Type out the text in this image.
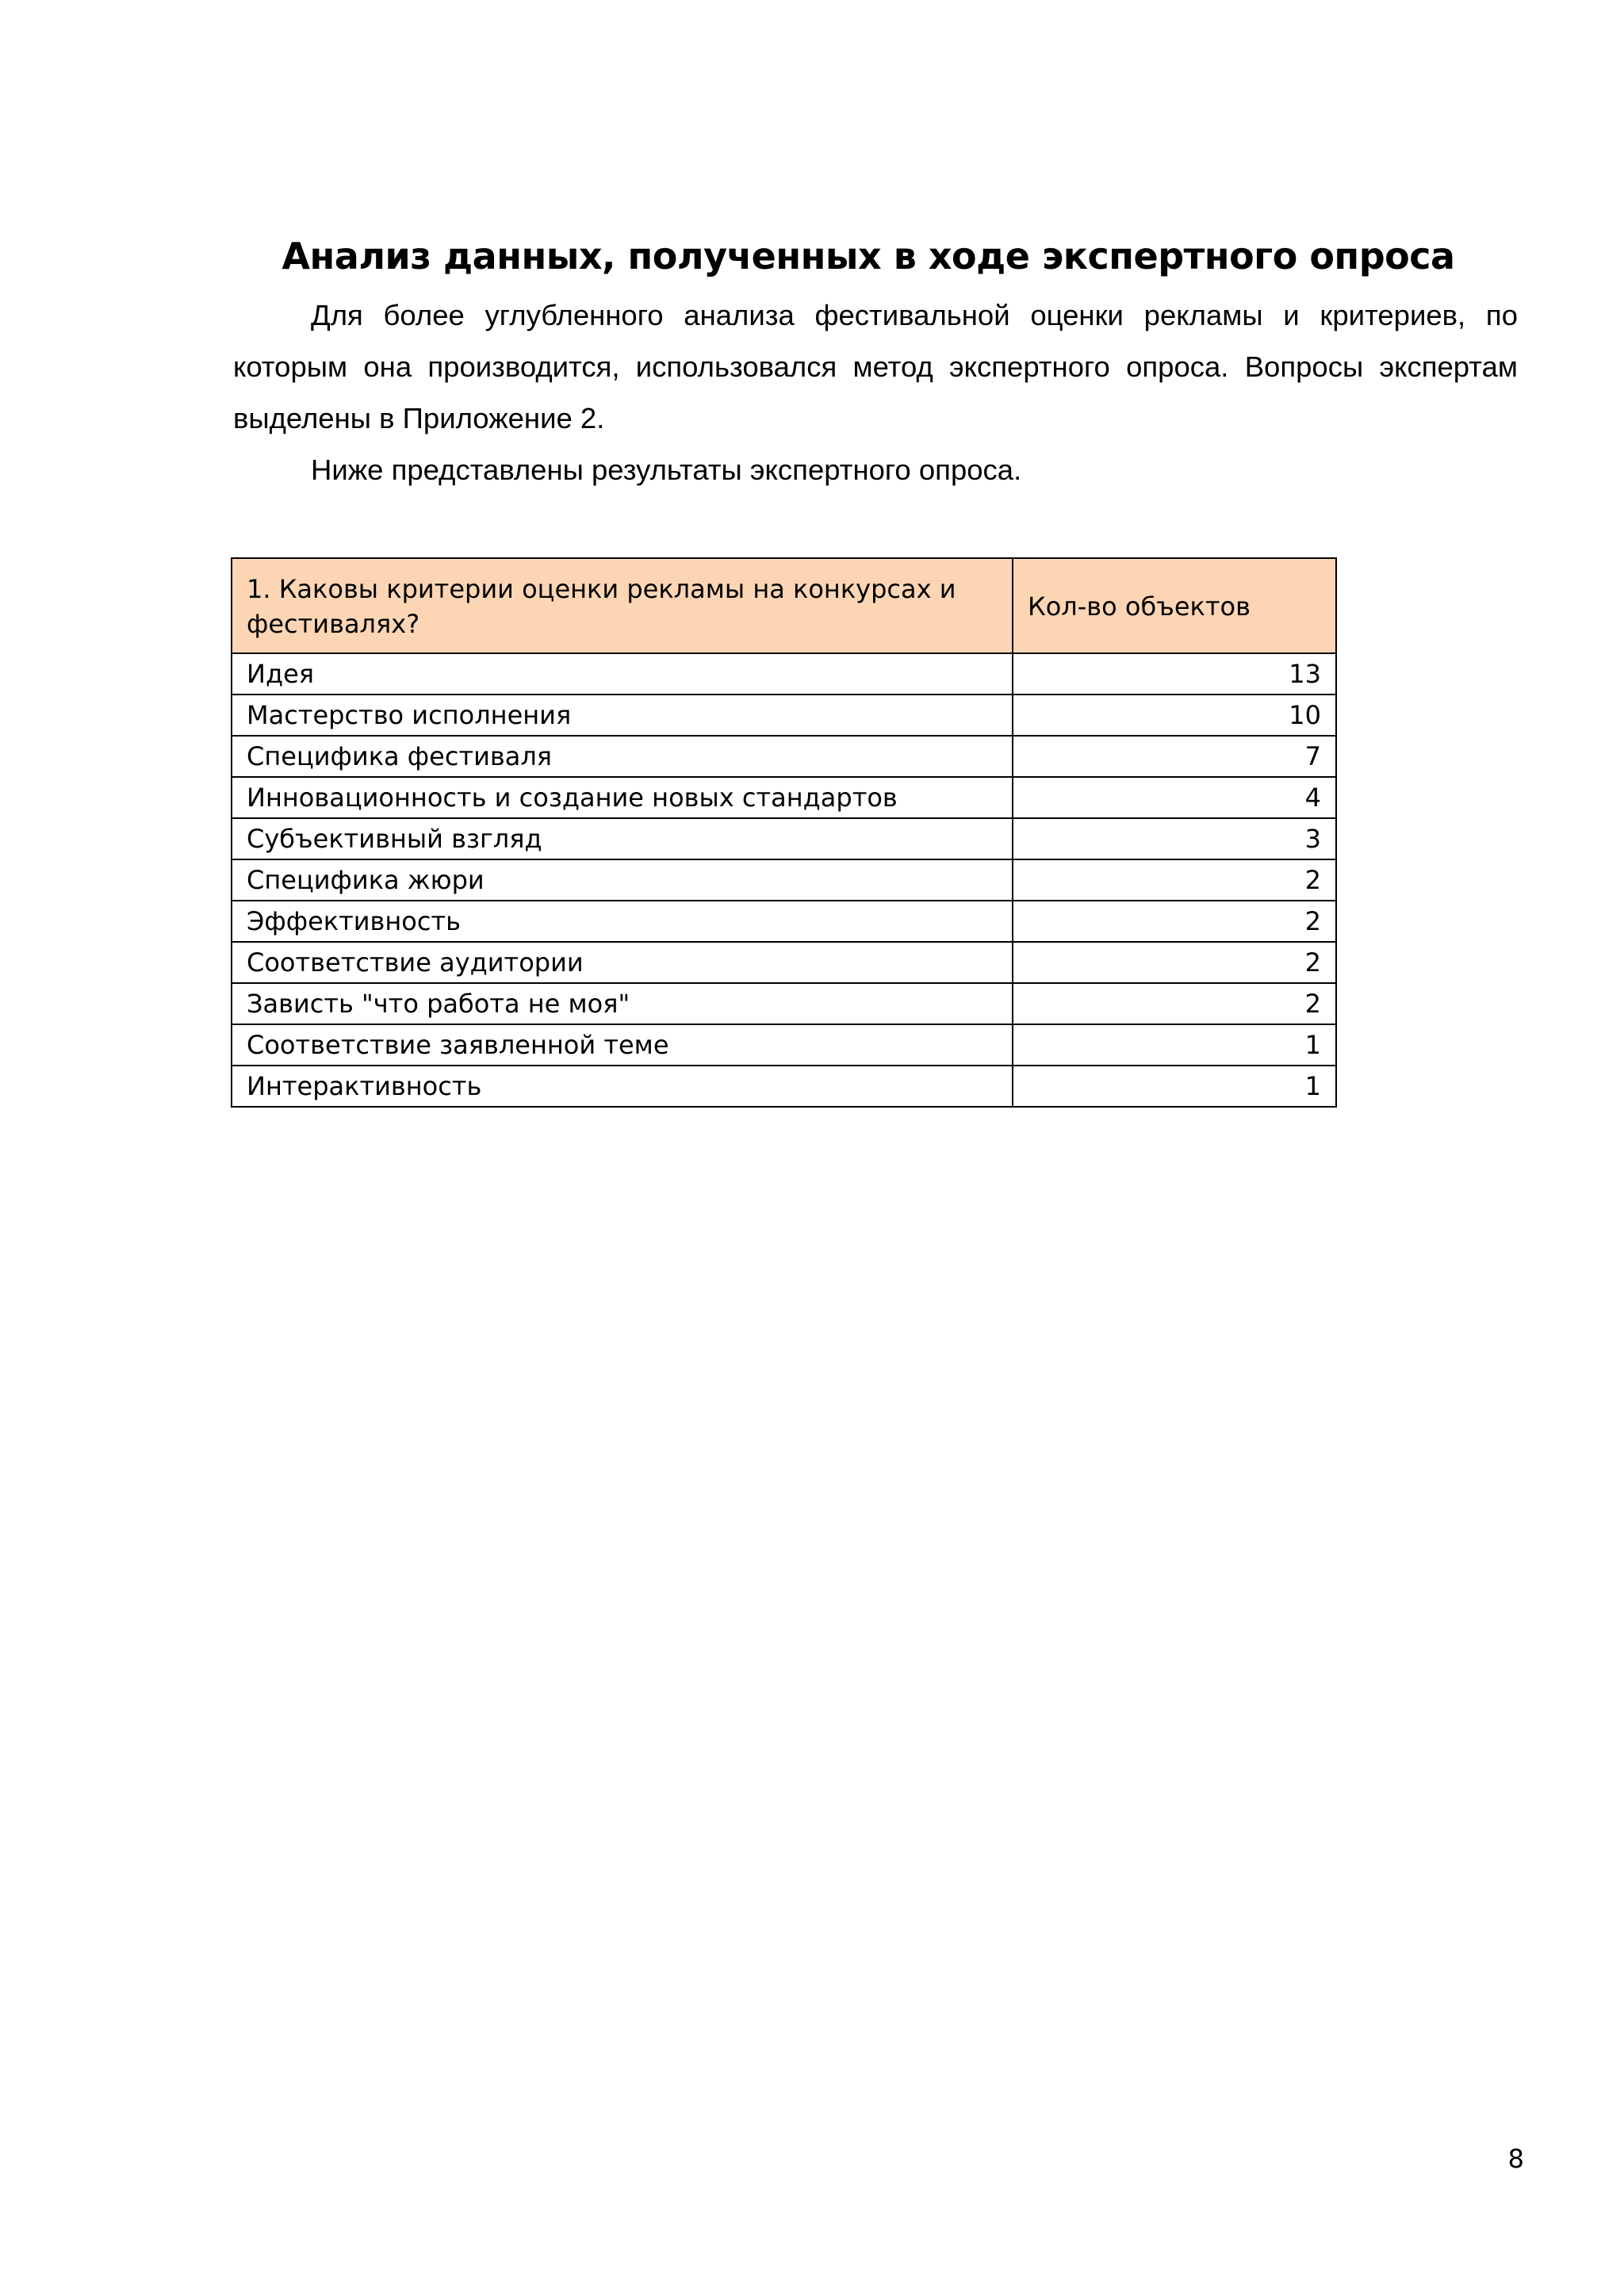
Анализ данных, полученных в ходе экспертного опроса

Для более углубленного анализа фестивальной оценки рекламы и критериев, по которым она производится, использовался метод экспертного опроса. Вопросы экспертам выделены в Приложение 2.

Ниже представлены результаты экспертного опроса.

1. Каковы критерии оценки рекламы на конкурсах и фестивалях?	Кол-во объектов
Идея	13
Мастерство исполнения	10
Специфика фестиваля	7
Инновационность и создание новых стандартов	4
Субъективный взгляд	3
Специфика жюри	2
Эффективность	2
Соответствие аудитории	2
Зависть "что работа не моя"	2
Соответствие заявленной теме	1
Интерактивность	1
8
